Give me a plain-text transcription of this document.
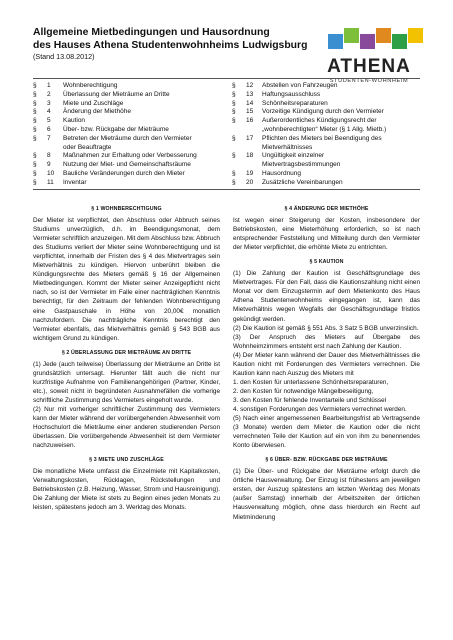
Allgemeine Mietbedingungen und Hausordnung
des Hauses Athena Studentenwohnheims Ludwigsburg
(Stand 13.08.2012)	ATHENA
STUDENTEN-WOHNHEIM
§	1	Wohnberechtigung
§	2	Überlassung der Mieträume an Dritte
§	3	Miete und Zuschläge
§	4	Änderung der Miethöhe
§	5	Kaution
§	6	Über- bzw. Rückgabe der Mieträume
§	7	Betreten der Mieträume durch den Vermieter
oder Beauftragte
§	8	Maßnahmen zur Erhaltung oder Verbesserung
§	9	Nutzung der Miet- und Gemeinschaftsräume
§	10	Bauliche Veränderungen durch den Mieter
§	11	Inventar
§	12	Abstellen von Fahrzeugen
§	13	Haftungsausschluss
§	14	Schönheitsreparaturen
§	15	Vorzeitige Kündigung durch den Vermieter
§	16	Außerordentliches Kündigungsrecht der
„wohnberechtigten“ Mieter (§ 1 Allg. Mietb.)
§	17	Pflichten des Mieters bei Beendigung des
Mietverhältnisses
§	18	Ungültigkeit einzelner
Mietvertragsbestimmungen
§	19	Hausordnung
§	20	Zusätzliche Vereinbarungen
§ 1 WOHNBERECHTIGUNG

Der Mieter ist verpflichtet, den Abschluss oder Abbruch seines Studiums unverzüglich, d.h. im Beendigungsmonat, dem Vermieter schriftlich anzuzeigen. Mit dem Abschluss bzw. Abbruch des Studiums verliert der Mieter seine Wohnberechtigung und ist verpflichtet, innerhalb der Fristen des § 4 des Mietvertrages sein Mietverhältnis zu kündigen. Hiervon unberührt bleiben die Kündigungsrechte des Mieters gemäß § 16 der Allgemeinen Mietbedingungen. Kommt der Mieter seiner Anzeigepflicht nicht nach, so ist der Vermieter im Falle einer nachträglichen Kenntnis berechtigt, für den Zeitraum der fehlenden Wohnberechtigung eine Gastpauschale in Höhe von 20,00€ monatlich nachzufordern. Die nachträgliche Kenntnis berechtigt den Vermieter ebenfalls, das Mietverhältnis gemäß § 543 BGB aus wichtigem Grund zu kündigen.

§ 2 ÜBERLASSUNG DER MIETRÄUME AN DRITTE

(1) Jede (auch teilweise) Überlassung der Mieträume an Dritte ist grundsätzlich untersagt. Hierunter fällt auch die nicht nur kurzfristige Aufnahme von Familienangehörigen (Partner, Kinder, etc.), soweit nicht in begründeten Ausnahmefällen die vorherige schriftliche Zustimmung des Vermieters eingeholt wurde.

(2) Nur mit vorheriger schriftlicher Zustimmung des Vermieters kann der Mieter während der vorübergehenden Abwesenheit vom Hochschulort die Mieträume einer anderen studierenden Person überlassen. Die vorübergehende Abwesenheit ist dem Vermieter nachzuweisen.

§ 3 MIETE UND ZUSCHLÄGE

Die monatliche Miete umfasst die Einzelmiete mit Kapitalkosten, Verwaltungskosten, Rücklagen, Rückstellungen und Betriebskosten (z.B. Heizung, Wasser, Strom und Hausreinigung). Die Zahlung der Miete ist stets zu Beginn eines jeden Monats zu leisten, spätestens jedoch am 3. Werktag des Monats.

§ 4 ÄNDERUNG DER MIETHÖHE

Ist wegen einer Steigerung der Kosten, insbesondere der Betriebskosten, eine Mieterhöhung erforderlich, so ist nach entsprechender Feststellung und Mitteilung durch den Vermieter der Mieter verpflichtet, die erhöhte Miete zu entrichten.

§ 5 KAUTION

(1) Die Zahlung der Kaution ist Geschäftsgrundlage des Mietvertrages. Für den Fall, dass die Kautionszahlung nicht einen Monat vor dem Einzugstermin auf dem Mietenkonto des Haus Athena Studentenwohnheims eingegangen ist, kann das Mietverhältnis wegen Wegfalls der Geschäftsgrundlage fristlos gekündigt werden.

(2) Die Kaution ist gemäß § 551 Abs. 3 Satz 5 BGB unverzinslich.

(3) Der Anspruch des Mieters auf Übergabe des Wohnheimzimmers entsteht erst nach Zahlung der Kaution.

(4) Der Mieter kann während der Dauer des Mietverhältnisses die Kaution nicht mit Forderungen des Vermieters verrechnen. Die Kaution kann nach Auszug des Mieters mit

1. den Kosten für unterlassene Schönheitsreparaturen,

2. den Kosten für notwendige Mängelbeseitigung,

3. den Kosten für fehlende Inventarteile und Schlüssel

4. sonstigen Forderungen des Vermieters verrechnet werden.

(5) Nach einer angemessenen Bearbeitungsfrist ab Vertragsende (3 Monate) werden dem Mieter die Kaution oder die nicht verrechneten Teile der Kaution auf ein von ihm zu benennendes Konto überwiesen.

§ 6 ÜBER- BZW. RÜCKGABE DER MIETRÄUME

(1) Die Über- und Rückgabe der Mieträume erfolgt durch die örtliche Hausverwaltung. Der Einzug ist frühestens am jeweiligen ersten, der Auszug spätestens am letzten Werktag des Monats (außer Samstag) innerhalb der Arbeitszeiten der örtlichen Hausverwaltung möglich, ohne dass hierdurch ein Recht auf Mietminderung
